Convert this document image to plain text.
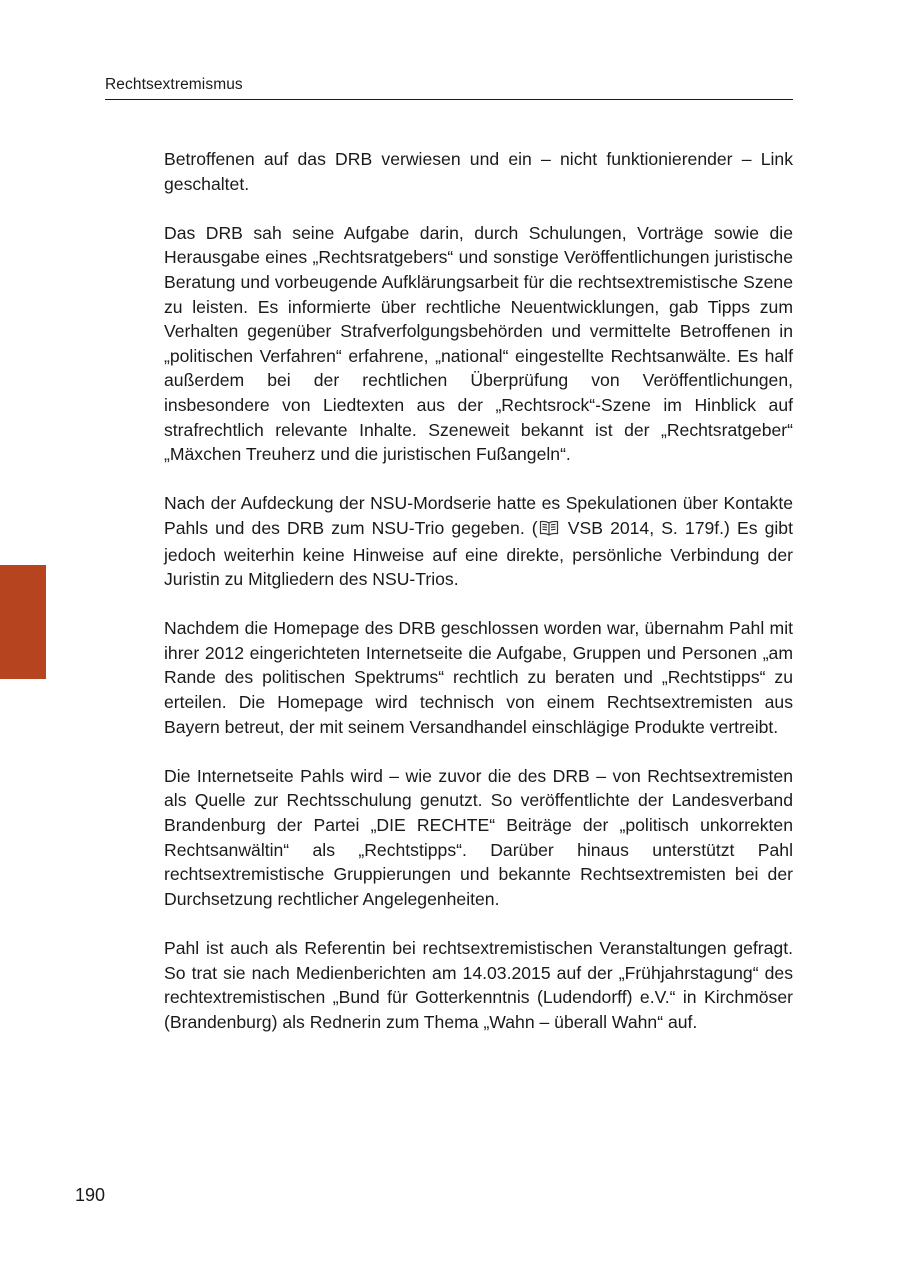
Rechtsextremismus

Betroffenen auf das DRB verwiesen und ein – nicht funktionierender – Link geschaltet.

Das DRB sah seine Aufgabe darin, durch Schulungen, Vorträge sowie die Herausgabe eines „Rechtsratgebers“ und sonstige Veröffentlichungen juristische Beratung und vorbeugende Aufklärungsarbeit für die rechtsextremistische Szene zu leisten. Es informierte über rechtliche Neuentwicklungen, gab Tipps zum Verhalten gegenüber Strafverfolgungsbehörden und vermittelte Betroffenen in „politischen Verfahren“ erfahrene, „national“ eingestellte Rechtsanwälte. Es half außerdem bei der rechtlichen Überprüfung von Veröffentlichungen, insbesondere von Liedtexten aus der „Rechtsrock“-Szene im Hinblick auf strafrechtlich relevante Inhalte. Szeneweit bekannt ist der „Rechtsratgeber“ „Mäxchen Treuherz und die juristischen Fußangeln“.

Nach der Aufdeckung der NSU-Mordserie hatte es Spekulationen über Kontakte Pahls und des DRB zum NSU-Trio gegeben. ( VSB 2014, S. 179f.) Es gibt jedoch weiterhin keine Hinweise auf eine direkte, persönliche Verbindung der Juristin zu Mitgliedern des NSU-Trios.

Nachdem die Homepage des DRB geschlossen worden war, übernahm Pahl mit ihrer 2012 eingerichteten Internetseite die Aufgabe, Gruppen und Personen „am Rande des politischen Spektrums“ rechtlich zu beraten und „Rechtstipps“ zu erteilen. Die Homepage wird technisch von einem Rechtsextremisten aus Bayern betreut, der mit seinem Versandhandel einschlägige Produkte vertreibt.

Die Internetseite Pahls wird – wie zuvor die des DRB – von Rechtsextremisten als Quelle zur Rechtsschulung genutzt. So veröffentlichte der Landesverband Brandenburg der Partei „DIE RECHTE“ Beiträge der „politisch unkorrekten Rechtsanwältin“ als „Rechtstipps“. Darüber hinaus unterstützt Pahl rechtsextremistische Gruppierungen und bekannte Rechtsextremisten bei der Durchsetzung rechtlicher Angelegenheiten.

Pahl ist auch als Referentin bei rechtsextremistischen Veranstaltungen gefragt. So trat sie nach Medienberichten am 14.03.2015 auf der „Frühjahrstagung“ des rechtextremistischen „Bund für Gotterkenntnis (Ludendorff) e.V.“ in Kirchmöser (Brandenburg) als Rednerin zum Thema „Wahn – überall Wahn“ auf.

190
